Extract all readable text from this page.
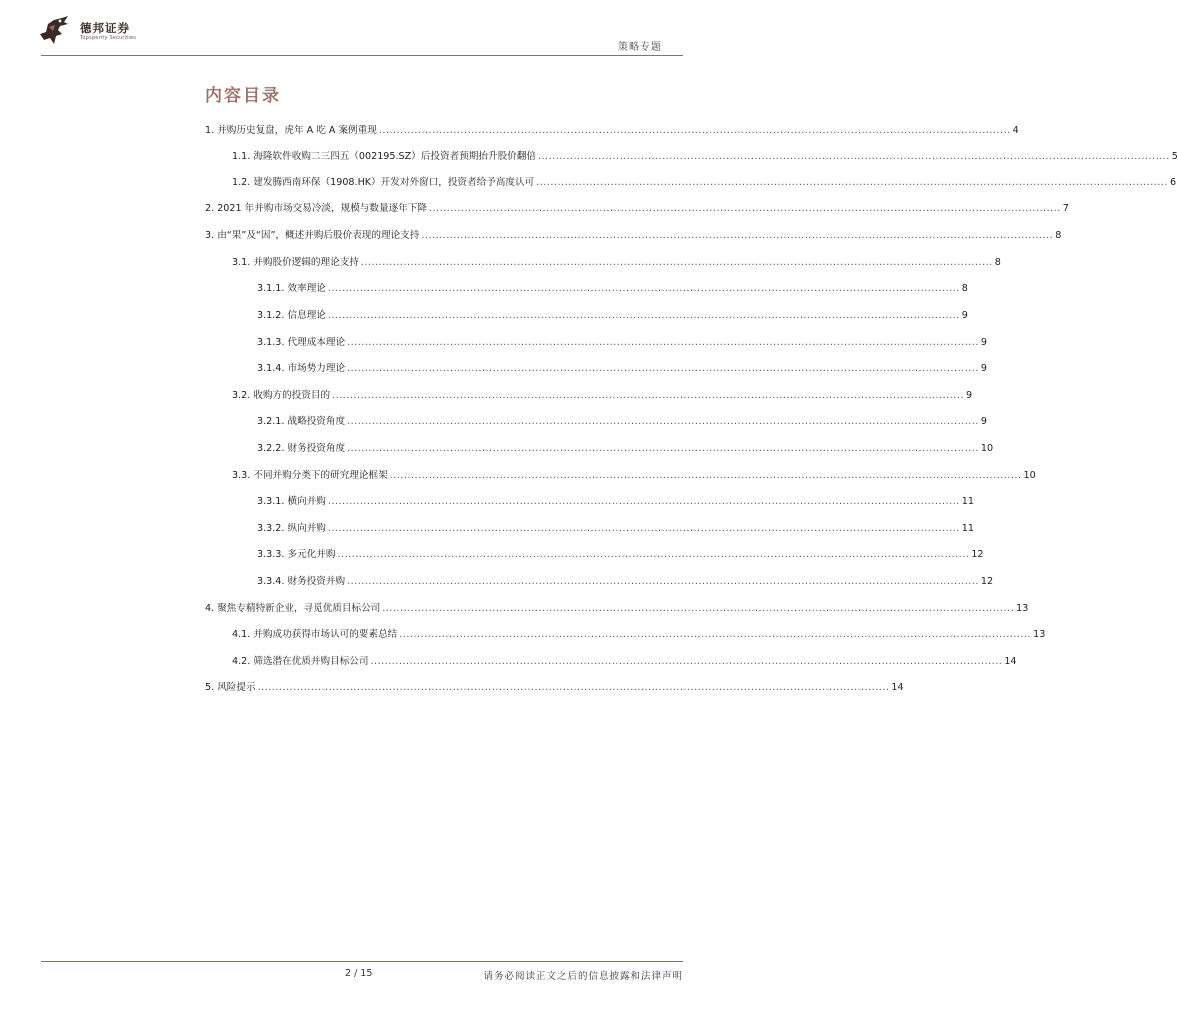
德邦证券
Topsperity Securities
策略专题
内容目录
1. 并购历史复盘，虎年 A 吃 A 案例重现 .................................................................................................................................................................................. 4
1.1. 海隆软件收购二三四五（002195.SZ）后投资者预期抬升股价翻倍 .................................................................................................................................................................................. 5
1.2. 建发腾西南环保（1908.HK）开发对外窗口，投资者给予高度认可 .................................................................................................................................................................................. 6
2. 2021 年并购市场交易冷淡，规模与数量逐年下降 .................................................................................................................................................................................. 7
3. 由“果”及“因”，概述并购后股价表现的理论支持 .................................................................................................................................................................................. 8
3.1. 并购股价逻辑的理论支持 .................................................................................................................................................................................. 8
3.1.1. 效率理论 .................................................................................................................................................................................. 8
3.1.2. 信息理论 .................................................................................................................................................................................. 9
3.1.3. 代理成本理论 .................................................................................................................................................................................. 9
3.1.4. 市场势力理论 .................................................................................................................................................................................. 9
3.2. 收购方的投资目的 .................................................................................................................................................................................. 9
3.2.1. 战略投资角度 .................................................................................................................................................................................. 9
3.2.2. 财务投资角度 .................................................................................................................................................................................. 10
3.3. 不同并购分类下的研究理论框架 .................................................................................................................................................................................. 10
3.3.1. 横向并购 .................................................................................................................................................................................. 11
3.3.2. 纵向并购 .................................................................................................................................................................................. 11
3.3.3. 多元化并购 .................................................................................................................................................................................. 12
3.3.4. 财务投资并购 .................................................................................................................................................................................. 12
4. 聚焦专精特新企业，寻觅优质目标公司 .................................................................................................................................................................................. 13
4.1. 并购成功获得市场认可的要素总结 .................................................................................................................................................................................. 13
4.2. 筛选潜在优质并购目标公司 .................................................................................................................................................................................. 14
5. 风险提示 .................................................................................................................................................................................. 14
2 / 15	请务必阅读正文之后的信息披露和法律声明
